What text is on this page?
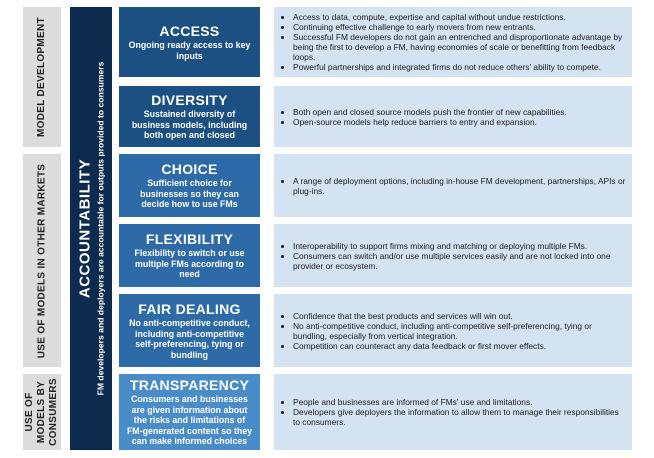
MODEL DEVELOPMENT
USE OF MODELS IN OTHER MARKETS
USE OF MODELS BY CONSUMERS
ACCOUNTABILITY FM developers and deployers are accountable for outputs provided to consumers
ACCESS
Ongoing ready access to key inputs
• Access to data, compute, expertise and capital without undue restrictions.
• Continuing effective challenge to early movers from new entrants.
• Successful FM developers do not gain an entrenched and disproportionate advantage by being the first to develop a FM, having economies of scale or benefitting from feedback loops.
• Powerful partnerships and integrated firms do not reduce others' ability to compete.
DIVERSITY
Sustained diversity of business models, including both open and closed
• Both open and closed source models push the frontier of new capabilities.
• Open-source models help reduce barriers to entry and expansion.
CHOICE
Sufficient choice for businesses so they can decide how to use FMs
• A range of deployment options, including in-house FM development, partnerships, APIs or plug-ins.
FLEXIBILITY
Flexibility to switch or use multiple FMs according to need
• Interoperability to support firms mixing and matching or deploying multiple FMs.
• Consumers can switch and/or use multiple services easily and are not locked into one provider or ecosystem.
FAIR DEALING
No anti-competitive conduct, including anti-competitive self-preferencing, tying or bundling
• Confidence that the best products and services will win out.
• No anti-competitive conduct, including anti-competitive self-preferencing, tying or bundling, especially from vertical integration.
• Competition can counteract any data feedback or first mover effects.
TRANSPARENCY
Consumers and businesses are given information about the risks and limitations of FM-generated content so they can make informed choices
• People and businesses are informed of FMs' use and limitations.
• Developers give deployers the information to allow them to manage their responsibilities to consumers.
